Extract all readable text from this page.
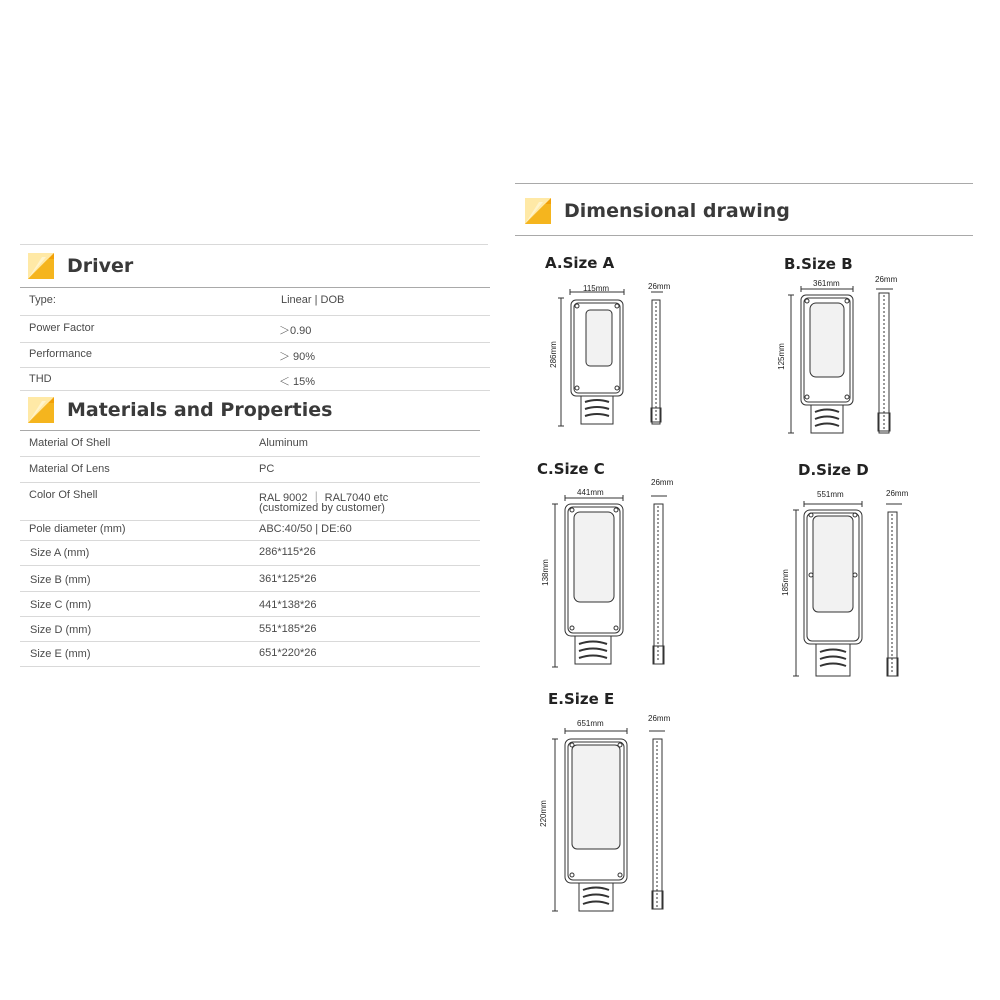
Driver
Type:	Linear | DOB
Power Factor	＞0.90
Performance	＞ 90%
THD	＜ 15%
Materials and Properties
Material Of Shell	Aluminum
Material Of Lens	PC
Color Of Shell	RAL 9002 ｜ RAL7040 etc
(customized by customer)
Pole diameter (mm)	ABC:40/50 | DE:60
Size A (mm)	286*115*26
Size B (mm)	361*125*26
Size C (mm)	441*138*26
Size D (mm)	551*185*26
Size E (mm)	651*220*26
Dimensional drawing
A.Size A	B.Size B
C.Size C	D.Size D
E.Size E
115mm	26mm
286mm
361mm	26mm
125mm
441mm
26mm
138mm
551mm	26mm
185mm
651mm
26mm
220mm
